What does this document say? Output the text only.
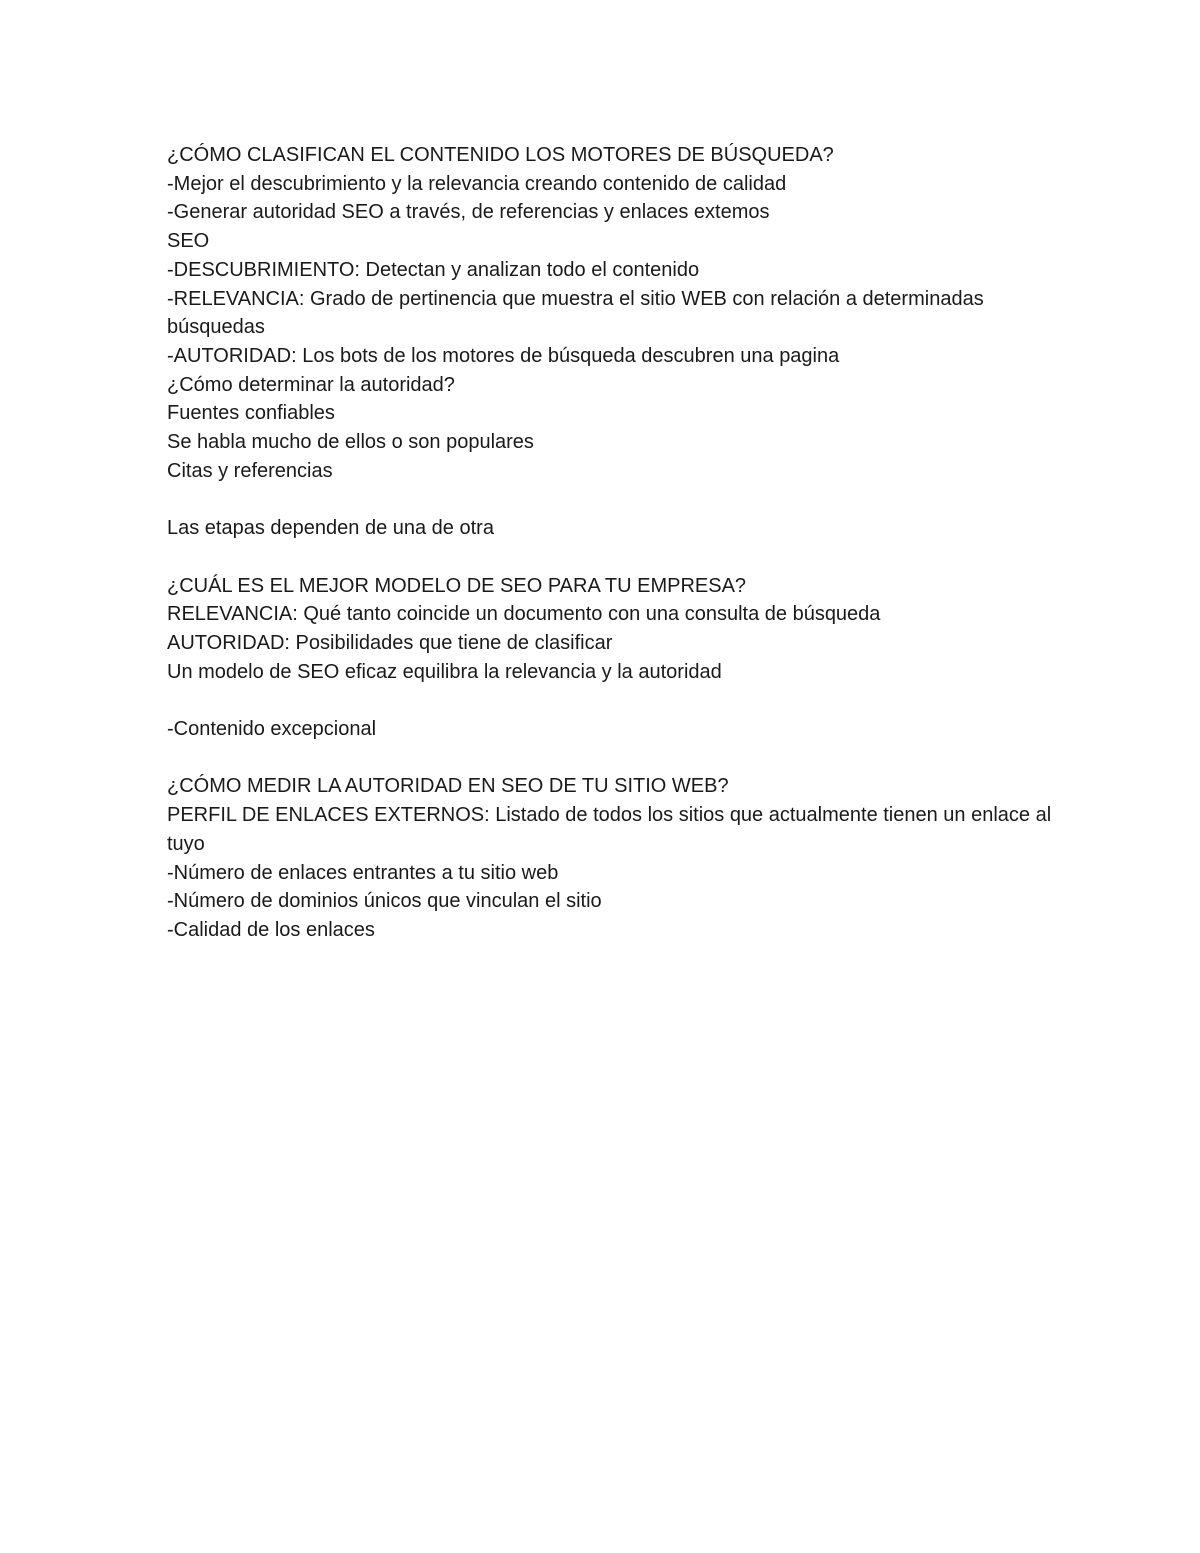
¿CÓMO CLASIFICAN EL CONTENIDO LOS MOTORES DE BÚSQUEDA?
-Mejor el descubrimiento y la relevancia creando contenido de calidad
-Generar autoridad SEO a través, de referencias y enlaces extemos
SEO
-DESCUBRIMIENTO: Detectan y analizan todo el contenido
-RELEVANCIA: Grado de pertinencia que muestra el sitio WEB con relación a determinadas búsquedas
-AUTORIDAD: Los bots de los motores de búsqueda descubren una pagina
¿Cómo determinar la autoridad?
Fuentes confiables
Se habla mucho de ellos o son populares
Citas y referencias
Las etapas dependen de una de otra
¿CUÁL ES EL MEJOR MODELO DE SEO PARA TU EMPRESA?
RELEVANCIA: Qué tanto coincide un documento con una consulta de búsqueda
AUTORIDAD: Posibilidades que tiene de clasificar
Un modelo de SEO eficaz equilibra la relevancia y la autoridad
-Contenido excepcional
¿CÓMO MEDIR LA AUTORIDAD EN SEO DE TU SITIO WEB?
PERFIL DE ENLACES EXTERNOS: Listado de todos los sitios que actualmente tienen un enlace al tuyo
-Número de enlaces entrantes a tu sitio web
-Número de dominios únicos que vinculan el sitio
-Calidad de los enlaces
